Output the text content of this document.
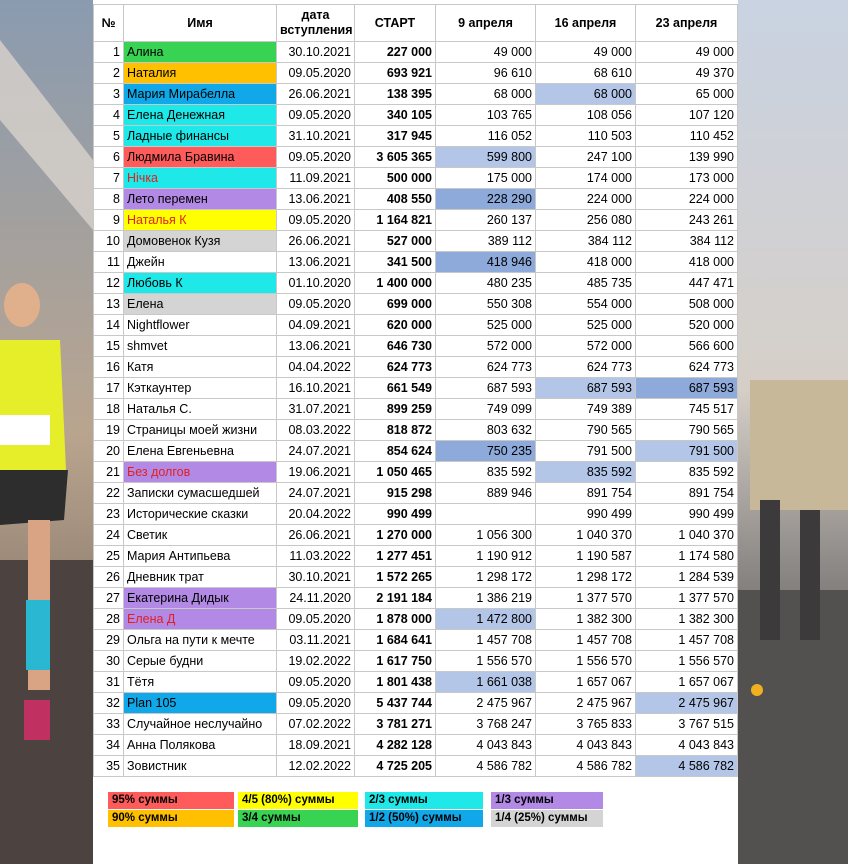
№	Имя	дата
вступления	СТАРТ	9 апреля	16 апреля	23 апреля
1	Алина	30.10.2021	227 000	49 000	49 000	49 000
2	Наталия	09.05.2020	693 921	96 610	68 610	49 370
3	Мария Мирабелла	26.06.2021	138 395	68 000	68 000	65 000
4	Елена Денежная	09.05.2020	340 105	103 765	108 056	107 120
5	Ладные финансы	31.10.2021	317 945	116 052	110 503	110 452
6	Людмила Бравина	09.05.2020	3 605 365	599 800	247 100	139 990
7	Нічка	11.09.2021	500 000	175 000	174 000	173 000
8	Лето перемен	13.06.2021	408 550	228 290	224 000	224 000
9	Наталья К	09.05.2020	1 164 821	260 137	256 080	243 261
10	Домовенок Кузя	26.06.2021	527 000	389 112	384 112	384 112
11	Джейн	13.06.2021	341 500	418 946	418 000	418 000
12	Любовь К	01.10.2020	1 400 000	480 235	485 735	447 471
13	Елена	09.05.2020	699 000	550 308	554 000	508 000
14	Nightflower	04.09.2021	620 000	525 000	525 000	520 000
15	shmvet	13.06.2021	646 730	572 000	572 000	566 600
16	Катя	04.04.2022	624 773	624 773	624 773	624 773
17	Кэткаунтер	16.10.2021	661 549	687 593	687 593	687 593
18	Наталья С.	31.07.2021	899 259	749 099	749 389	745 517
19	Страницы моей жизни	08.03.2022	818 872	803 632	790 565	790 565
20	Елена Евгеньевна	24.07.2021	854 624	750 235	791 500	791 500
21	Без долгов	19.06.2021	1 050 465	835 592	835 592	835 592
22	Записки сумасшедшей	24.07.2021	915 298	889 946	891 754	891 754
23	Исторические сказки	20.04.2022	990 499		990 499	990 499
24	Светик	26.06.2021	1 270 000	1 056 300	1 040 370	1 040 370
25	Мария Антипьева	11.03.2022	1 277 451	1 190 912	1 190 587	1 174 580
26	Дневник трат	30.10.2021	1 572 265	1 298 172	1 298 172	1 284 539
27	Екатерина Дидык	24.11.2020	2 191 184	1 386 219	1 377 570	1 377 570
28	Елена Д	09.05.2020	1 878 000	1 472 800	1 382 300	1 382 300
29	Ольга на пути к мечте	03.11.2021	1 684 641	1 457 708	1 457 708	1 457 708
30	Серые будни	19.02.2022	1 617 750	1 556 570	1 556 570	1 556 570
31	Тётя	09.05.2020	1 801 438	1 661 038	1 657 067	1 657 067
32	Plan 105	09.05.2020	5 437 744	2 475 967	2 475 967	2 475 967
33	Случайное неслучайно	07.02.2022	3 781 271	3 768 247	3 765 833	3 767 515
34	Анна Полякова	18.09.2021	4 282 128	4 043 843	4 043 843	4 043 843
35	Зовистник	12.02.2022	4 725 205	4 586 782	4 586 782	4 586 782
95% суммы
90% суммы
4/5 (80%) суммы
3/4 суммы
2/3 суммы
1/2 (50%) суммы
1/3 суммы
1/4 (25%) суммы
